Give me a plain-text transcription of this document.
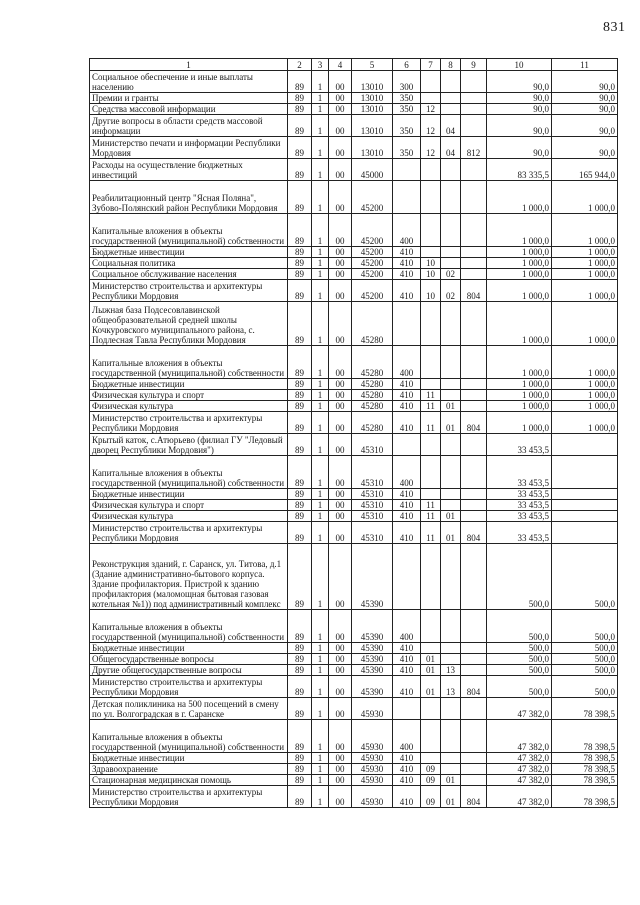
831
1	2	3	4	5	6	7	8	9	10	11
Социальное обеспечение и иные выплаты населению	89	1	00	13010	300				90,0	90,0
Премии и гранты	89	1	00	13010	350				90,0	90,0
Средства массовой информации	89	1	00	13010	350	12			90,0	90,0
Другие вопросы в области средств массовой информации	89	1	00	13010	350	12	04		90,0	90,0
Министерство печати и информации Республики Мордовия	89	1	00	13010	350	12	04	812	90,0	90,0
Расходы на осуществление бюджетных инвестиций	89	1	00	45000					83 335,5	165 944,0
Реабилитационный центр "Ясная Поляна", Зубово-Полянский район Республики Мордовия	89	1	00	45200					1 000,0	1 000,0
Капитальные вложения в объекты государственной (муниципальной) собственности	89	1	00	45200	400				1 000,0	1 000,0
Бюджетные инвестиции	89	1	00	45200	410				1 000,0	1 000,0
Социальная политика	89	1	00	45200	410	10			1 000,0	1 000,0
Социальное обслуживание населения	89	1	00	45200	410	10	02		1 000,0	1 000,0
Министерство строительства и архитектуры Республики Мордовия	89	1	00	45200	410	10	02	804	1 000,0	1 000,0
Лыжная база Подсесовлавинской общеобразовательной средней школы Кочкуровского муниципального района, с. Подлесная Тавла Республики Мордовия	89	1	00	45280					1 000,0	1 000,0
Капитальные вложения в объекты государственной (муниципальной) собственности	89	1	00	45280	400				1 000,0	1 000,0
Бюджетные инвестиции	89	1	00	45280	410				1 000,0	1 000,0
Физическая культура и спорт	89	1	00	45280	410	11			1 000,0	1 000,0
Физическая культура	89	1	00	45280	410	11	01		1 000,0	1 000,0
Министерство строительства и архитектуры Республики Мордовия	89	1	00	45280	410	11	01	804	1 000,0	1 000,0
Крытый каток, с.Атюрьево (филиал ГУ "Ледовый дворец Республики Мордовия")	89	1	00	45310					33 453,5	
Капитальные вложения в объекты государственной (муниципальной) собственности	89	1	00	45310	400				33 453,5	
Бюджетные инвестиции	89	1	00	45310	410				33 453,5	
Физическая культура и спорт	89	1	00	45310	410	11			33 453,5	
Физическая культура	89	1	00	45310	410	11	01		33 453,5	
Министерство строительства и архитектуры Республики Мордовия	89	1	00	45310	410	11	01	804	33 453,5	
Реконструкция зданий, г. Саранск, ул. Титова, д.1 (Здание административно-бытового корпуса. Здание профилактория. Пристрой к зданию профилактория (маломощная бытовая газовая котельная №1)) под административный комплекс	89	1	00	45390					500,0	500,0
Капитальные вложения в объекты государственной (муниципальной) собственности	89	1	00	45390	400				500,0	500,0
Бюджетные инвестиции	89	1	00	45390	410				500,0	500,0
Общегосударственные вопросы	89	1	00	45390	410	01			500,0	500,0
Другие общегосударственные вопросы	89	1	00	45390	410	01	13		500,0	500,0
Министерство строительства и архитектуры Республики Мордовия	89	1	00	45390	410	01	13	804	500,0	500,0
Детская поликлиника на 500 посещений в смену по ул. Волгоградская в г. Саранске	89	1	00	45930					47 382,0	78 398,5
Капитальные вложения в объекты государственной (муниципальной) собственности	89	1	00	45930	400				47 382,0	78 398,5
Бюджетные инвестиции	89	1	00	45930	410				47 382,0	78 398,5
Здравоохранение	89	1	00	45930	410	09			47 382,0	78 398,5
Стационарная медицинская помощь	89	1	00	45930	410	09	01		47 382,0	78 398,5
Министерство строительства и архитектуры Республики Мордовия	89	1	00	45930	410	09	01	804	47 382,0	78 398,5
